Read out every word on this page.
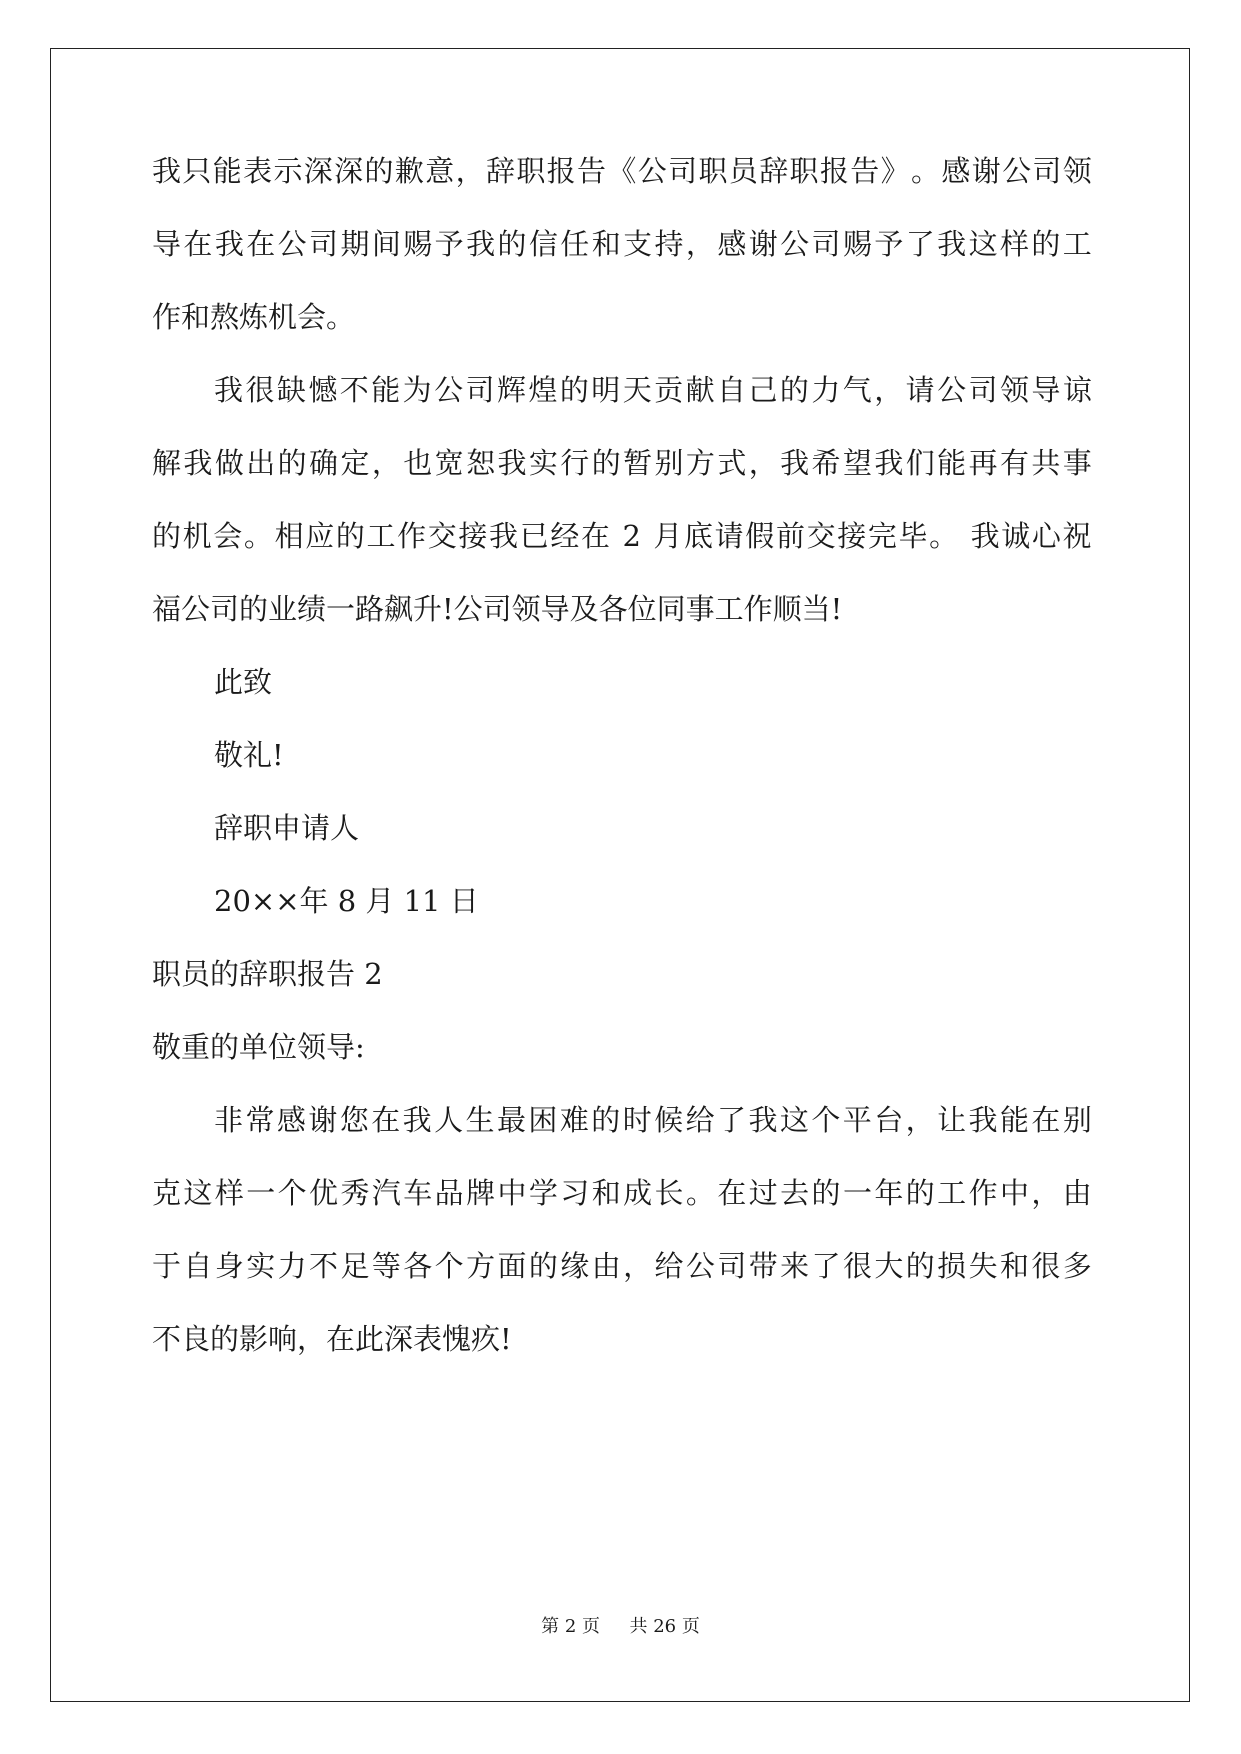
我 只 能 表 示 深 深 的 歉 意 ， 辞 职 报 告 《 公 司 职 员 辞 职 报 告 》 。 感 谢 公 司 领

导 在 我 在 公 司 期 间 赐 予 我 的 信 任 和 支 持 ， 感 谢 公 司 赐 予 了 我 这 样 的 工

作和熬炼机会。

我 很 缺 憾 不 能 为 公 司 辉 煌 的 明 天 贡 献 自 己 的 力 气 ， 请 公 司 领 导 谅

解 我 做 出 的 确 定 ， 也 宽 恕 我 实 行 的 暂 别 方 式 ， 我 希 望 我 们 能 再 有 共 事

的 机 会 。 相 应 的 工 作 交 接 我 已 经 在
2
月 底 请 假 前 交 接 完 毕 。
我 诚 心 祝

福公司的业绩一路飙升!公司领导及各位同事工作顺当!

此致

敬礼!

辞职申请人

20××年 8 月 11 日

职员的辞职报告 2

敬重的单位领导:

非 常 感 谢 您 在 我 人 生 最 困 难 的 时 候 给 了 我 这 个 平 台 ， 让 我 能 在 别

克 这 样 一 个 优 秀 汽 车 品 牌 中 学 习 和 成 长 。 在 过 去 的 一 年 的 工 作 中 ， 由

于 自 身 实 力 不 足 等 各 个 方 面 的 缘 由 ， 给 公 司 带 来 了 很 大 的 损 失 和 很 多

不良的影响，在此深表愧疚!

第 2 页 共 26 页
